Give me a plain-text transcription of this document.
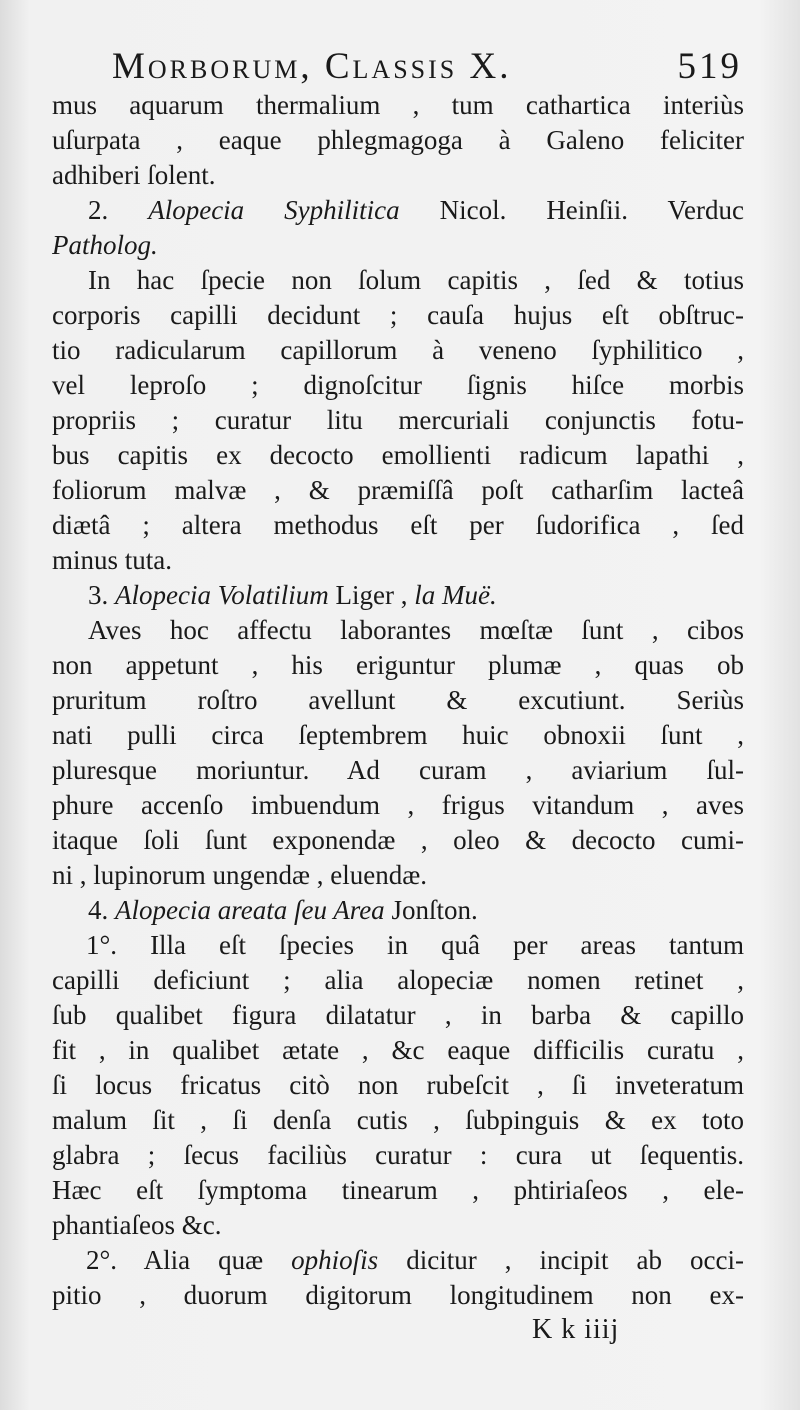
Morborum, Classis X.	519
mus aquarum thermalium , tum cathartica interiùs
uſurpata , eaque phlegmagoga à Galeno feliciter
adhiberi ſolent.
2. Alopecia Syphilitica Nicol. Heinſii. Verduc
Patholog.
In hac ſpecie non ſolum capitis , ſed & totius
corporis capilli decidunt ; cauſa hujus eſt obſtruc-
tio radicularum capillorum à veneno ſyphilitico ,
vel leproſo ; dignoſcitur ſignis hiſce morbis
propriis ; curatur litu mercuriali conjunctis fotu-
bus capitis ex decocto emollienti radicum lapathi ,
foliorum malvæ , & præmiſſâ poſt catharſim lacteâ
diætâ ; altera methodus eſt per ſudorifica , ſed
minus tuta.
3. Alopecia Volatilium Liger , la Muë.
Aves hoc affectu laborantes mœſtæ ſunt , cibos
non appetunt , his eriguntur plumæ , quas ob
pruritum roſtro avellunt & excutiunt. Seriùs
nati pulli circa ſeptembrem huic obnoxii ſunt ,
pluresque moriuntur. Ad curam , aviarium ſul-
phure accenſo imbuendum , frigus vitandum , aves
itaque ſoli ſunt exponendæ , oleo & decocto cumi-
ni , lupinorum ungendæ , eluendæ.
4. Alopecia areata ſeu Area Jonſton.
1°. Illa eſt ſpecies in quâ per areas tantum
capilli deficiunt ; alia alopeciæ nomen retinet ,
ſub qualibet figura dilatatur , in barba & capillo
fit , in qualibet ætate , &c eaque difficilis curatu ,
ſi locus fricatus citò non rubeſcit , ſi inveteratum
malum ſit , ſi denſa cutis , ſubpinguis & ex toto
glabra ; ſecus faciliùs curatur : cura ut ſequentis.
Hæc eſt ſymptoma tinearum , phtiriaſeos , ele-
phantiaſeos &c.
2°. Alia quæ ophioſis dicitur , incipit ab occi-
pitio , duorum digitorum longitudinem non ex-
K k iiij
